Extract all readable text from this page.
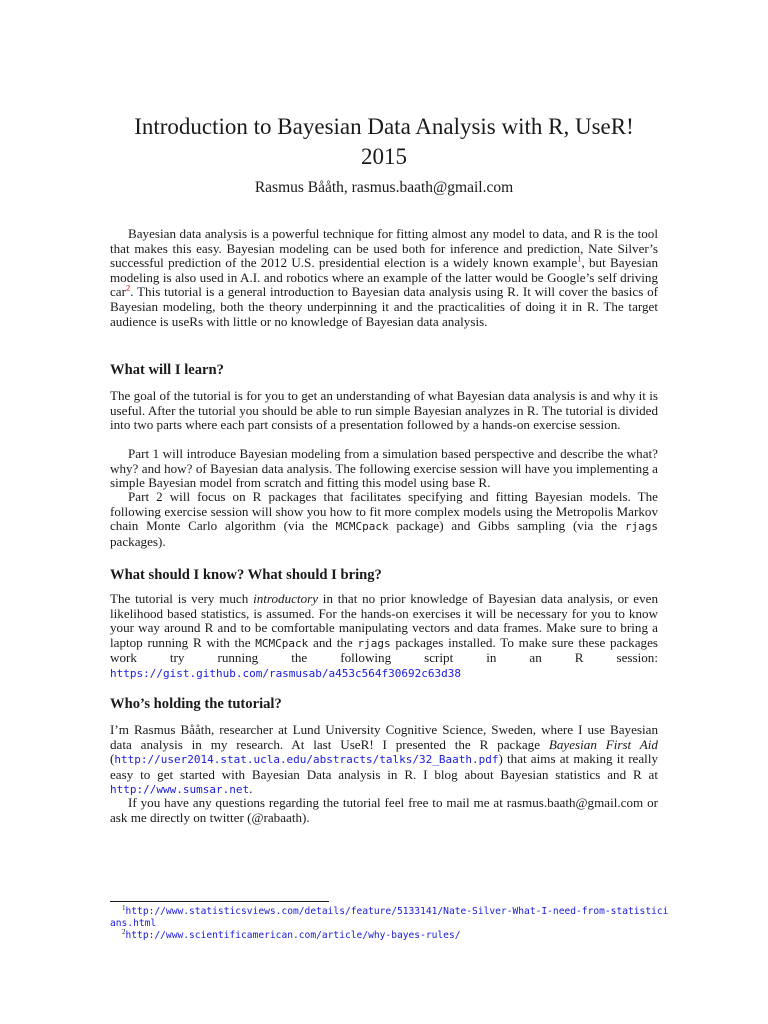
Introduction to Bayesian Data Analysis with R, UseR! 2015
Rasmus Bååth, rasmus.baath@gmail.com

Bayesian data analysis is a powerful technique for fitting almost any model to data, and R is the tool that makes this easy. Bayesian modeling can be used both for inference and prediction, Nate Silver’s successful prediction of the 2012 U.S. presidential election is a widely known example$^1$, but Bayesian modeling is also used in A.I. and robotics where an example of the latter would be Google’s self driving car$^2$. This tutorial is a general introduction to Bayesian data analysis using R. It will cover the basics of Bayesian modeling, both the theory underpinning it and the practicalities of doing it in R. The target audience is useRs with little or no knowledge of Bayesian data analysis.

What will I learn?

The goal of the tutorial is for you to get an understanding of what Bayesian data analysis is and why it is useful. After the tutorial you should be able to run simple Bayesian analyzes in R. The tutorial is divided into two parts where each part consists of a presentation followed by a hands-on exercise session.

Part 1 will introduce Bayesian modeling from a simulation based perspective and describe the what? why? and how? of Bayesian data analysis. The following exercise session will have you implementing a simple Bayesian model from scratch and fitting this model using base R.

Part 2 will focus on R packages that facilitates specifying and fitting Bayesian models. The following exercise session will show you how to fit more complex models using the Metropolis Markov chain Monte Carlo algorithm (via the MCMCpack package) and Gibbs sampling (via the rjags packages).

What should I know? What should I bring?

The tutorial is very much introductory in that no prior knowledge of Bayesian data analysis, or even likelihood based statistics, is assumed. For the hands-on exercises it will be necessary for you to know your way around R and to be comfortable manipulating vectors and data frames. Make sure to bring a laptop running R with the MCMCpack and the rjags packages installed. To make sure these packages work try running the following script in an R session: https://gist.github.com/rasmusab/a453c564f30692c63d38

Who’s holding the tutorial?

I’m Rasmus Bååth, researcher at Lund University Cognitive Science, Sweden, where I use Bayesian data analysis in my research. At last UseR! I presented the R package Bayesian First Aid (http://user2014.stat.ucla.edu/abstracts/talks/32_Baath.pdf) that aims at making it really easy to get started with Bayesian Data analysis in R. I blog about Bayesian statistics and R at http://www.sumsar.net.

If you have any questions regarding the tutorial feel free to mail me at rasmus.baath@gmail.com or ask me directly on twitter (@rabaath).

$^1$http://www.statisticsviews.com/details/feature/5133141/Nate-Silver-What-I-need-from-statisticians.html
$^2$http://www.scientificamerican.com/article/why-bayes-rules/
